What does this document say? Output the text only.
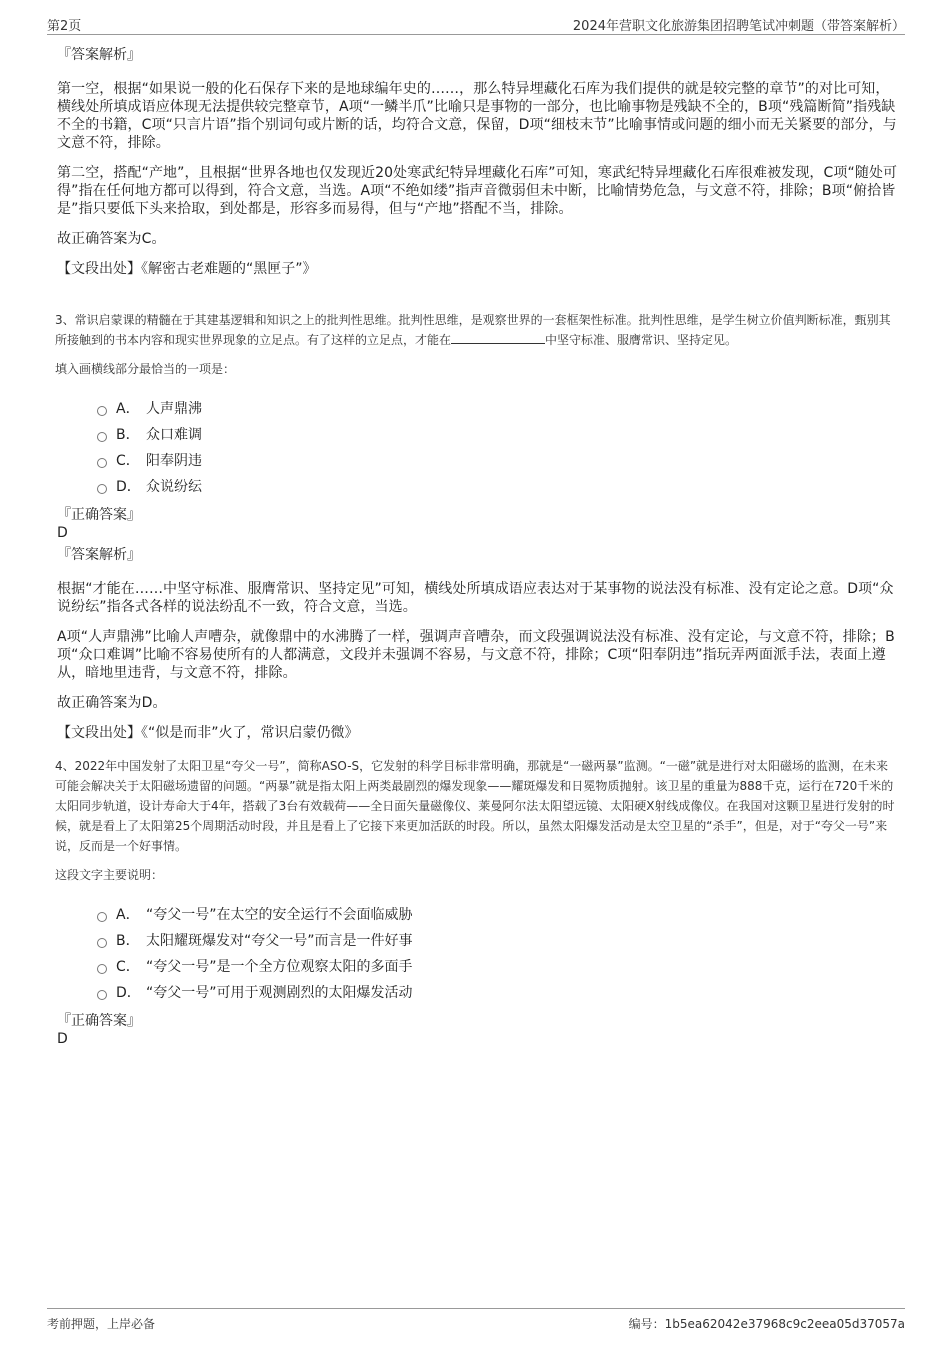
第2页	2024年营职文化旅游集团招聘笔试冲刺题（带答案解析）
『答案解析』
第一空，根据“如果说一般的化石保存下来的是地球编年史的……，那么特异埋藏化石库为我们提供的就是较完整的章节”的对比可知，横线处所填成语应体现无法提供较完整章节，A项“一鳞半爪”比喻只是事物的一部分，也比喻事物是残缺不全的，B项“残篇断简”指残缺不全的书籍，C项“只言片语”指个别词句或片断的话，均符合文意，保留，D项“细枝末节”比喻事情或问题的细小而无关紧要的部分，与文意不符，排除。
第二空，搭配“产地”，且根据“世界各地也仅发现近20处寒武纪特异埋藏化石库”可知，寒武纪特异埋藏化石库很难被发现，C项“随处可得”指在任何地方都可以得到，符合文意，当选。A项“不绝如缕”指声音微弱但未中断，比喻情势危急，与文意不符，排除；B项“俯拾皆是”指只要低下头来拾取，到处都是，形容多而易得，但与“产地”搭配不当，排除。
故正确答案为C。
【文段出处】《解密古老难题的“黑匣子”》
3、常识启蒙课的精髓在于其建基逻辑和知识之上的批判性思维。批判性思维，是观察世界的一套框架性标准。批判性思维，是学生树立价值判断标准，甄别其所接触到的书本内容和现实世界现象的立足点。有了这样的立足点，才能在	中坚守标准、服膺常识、坚持定见。
填入画横线部分最恰当的一项是：
A． 人声鼎沸
B． 众口难调
C． 阳奉阴违
D． 众说纷纭
『正确答案』
D
『答案解析』
根据“才能在……中坚守标准、服膺常识、坚持定见”可知，横线处所填成语应表达对于某事物的说法没有标准、没有定论之意。D项“众说纷纭”指各式各样的说法纷乱不一致，符合文意，当选。
A项“人声鼎沸”比喻人声嘈杂，就像鼎中的水沸腾了一样，强调声音嘈杂，而文段强调说法没有标准、没有定论，与文意不符，排除；B项“众口难调”比喻不容易使所有的人都满意，文段并未强调不容易，与文意不符，排除；C项“阳奉阴违”指玩弄两面派手法，表面上遵从，暗地里违背，与文意不符，排除。
故正确答案为D。
【文段出处】《“似是而非”火了，常识启蒙仍微》
4、2022年中国发射了太阳卫星“夸父一号”，简称ASO-S，它发射的科学目标非常明确，那就是“一磁两暴”监测。“一磁”就是进行对太阳磁场的监测，在未来可能会解决关于太阳磁场遗留的问题。“两暴”就是指太阳上两类最剧烈的爆发现象——耀斑爆发和日冕物质抛射。该卫星的重量为888千克，运行在720千米的太阳同步轨道，设计寿命大于4年，搭载了3台有效载荷——全日面矢量磁像仪、莱曼阿尔法太阳望远镜、太阳硬X射线成像仪。在我国对这颗卫星进行发射的时候，就是看上了太阳第25个周期活动时段，并且是看上了它接下来更加活跃的时段。所以，虽然太阳爆发活动是太空卫星的“杀手”，但是，对于“夸父一号”来说，反而是一个好事情。
这段文字主要说明：
A． “夸父一号”在太空的安全运行不会面临威胁
B． 太阳耀斑爆发对“夸父一号”而言是一件好事
C． “夸父一号”是一个全方位观察太阳的多面手
D． “夸父一号”可用于观测剧烈的太阳爆发活动
『正确答案』
D
考前押题，上岸必备	编号：1b5ea62042e37968c9c2eea05d37057a
